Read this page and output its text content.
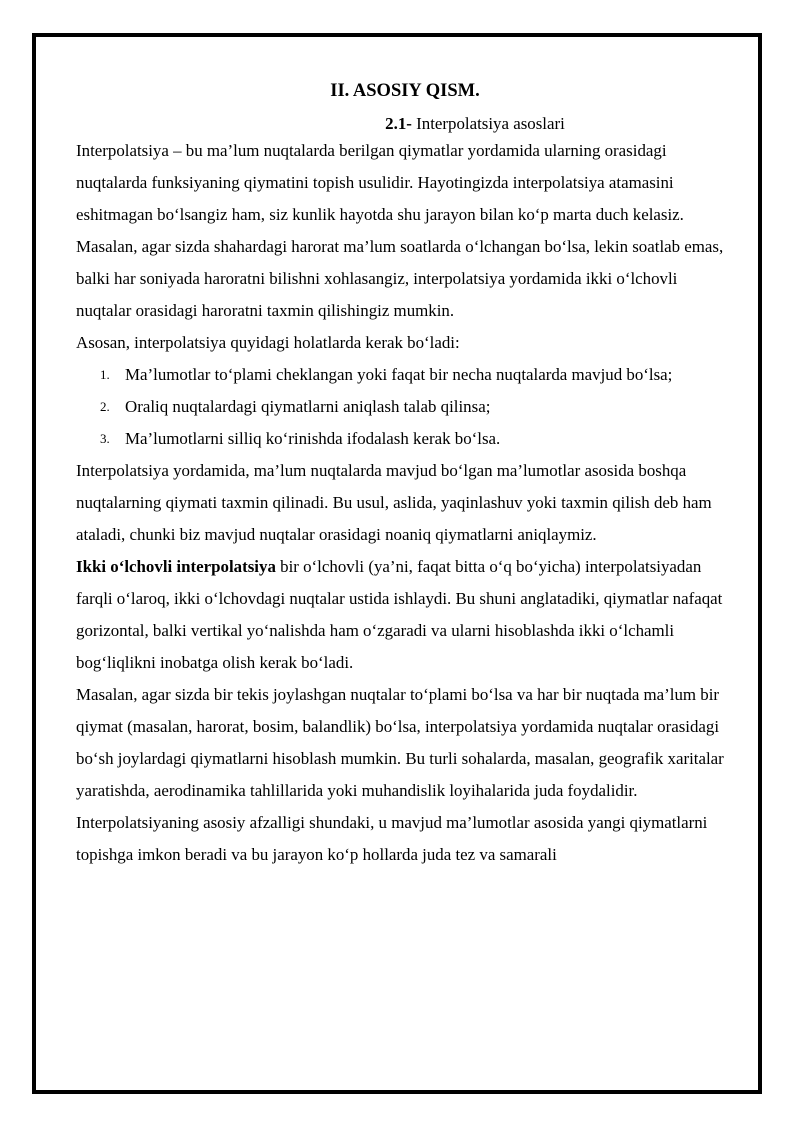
II. ASOSIY QISM.

2.1- Interpolatsiya asoslari

Interpolatsiya – bu ma’lum nuqtalarda berilgan qiymatlar yordamida ularning orasidagi nuqtalarda funksiyaning qiymatini topish usulidir. Hayotingizda interpolatsiya atamasini eshitmagan bo‘lsangiz ham, siz kunlik hayotda shu jarayon bilan ko‘p marta duch kelasiz. Masalan, agar sizda shahardagi harorat ma’lum soatlarda o‘lchangan bo‘lsa, lekin soatlab emas, balki har soniyada haroratni bilishni xohlasangiz, interpolatsiya yordamida ikki o‘lchovli nuqtalar orasidagi haroratni taxmin qilishingiz mumkin.

Asosan, interpolatsiya quyidagi holatlarda kerak bo‘ladi:

1. Ma’lumotlar to‘plami cheklangan yoki faqat bir necha nuqtalarda mavjud bo‘lsa;
2. Oraliq nuqtalardagi qiymatlarni aniqlash talab qilinsa;
3. Ma’lumotlarni silliq ko‘rinishda ifodalash kerak bo‘lsa.

Interpolatsiya yordamida, ma’lum nuqtalarda mavjud bo‘lgan ma’lumotlar asosida boshqa nuqtalarning qiymati taxmin qilinadi. Bu usul, aslida, yaqinlashuv yoki taxmin qilish deb ham ataladi, chunki biz mavjud nuqtalar orasidagi noaniq qiymatlarni aniqlaymiz.

Ikki o‘lchovli interpolatsiya bir o‘lchovli (ya’ni, faqat bitta o‘q bo‘yicha) interpolatsiyadan farqli o‘laroq, ikki o‘lchovdagi nuqtalar ustida ishlaydi. Bu shuni anglatadiki, qiymatlar nafaqat gorizontal, balki vertikal yo‘nalishda ham o‘zgaradi va ularni hisoblashda ikki o‘lchamli bog‘liqlikni inobatga olish kerak bo‘ladi.

Masalan, agar sizda bir tekis joylashgan nuqtalar to‘plami bo‘lsa va har bir nuqtada ma’lum bir qiymat (masalan, harorat, bosim, balandlik) bo‘lsa, interpolatsiya yordamida nuqtalar orasidagi bo‘sh joylardagi qiymatlarni hisoblash mumkin. Bu turli sohalarda, masalan, geografik xaritalar yaratishda, aerodinamika tahlillarida yoki muhandislik loyihalarida juda foydalidir.

Interpolatsiyaning asosiy afzalligi shundaki, u mavjud ma’lumotlar asosida yangi qiymatlarni topishga imkon beradi va bu jarayon ko‘p hollarda juda tez va samarali
